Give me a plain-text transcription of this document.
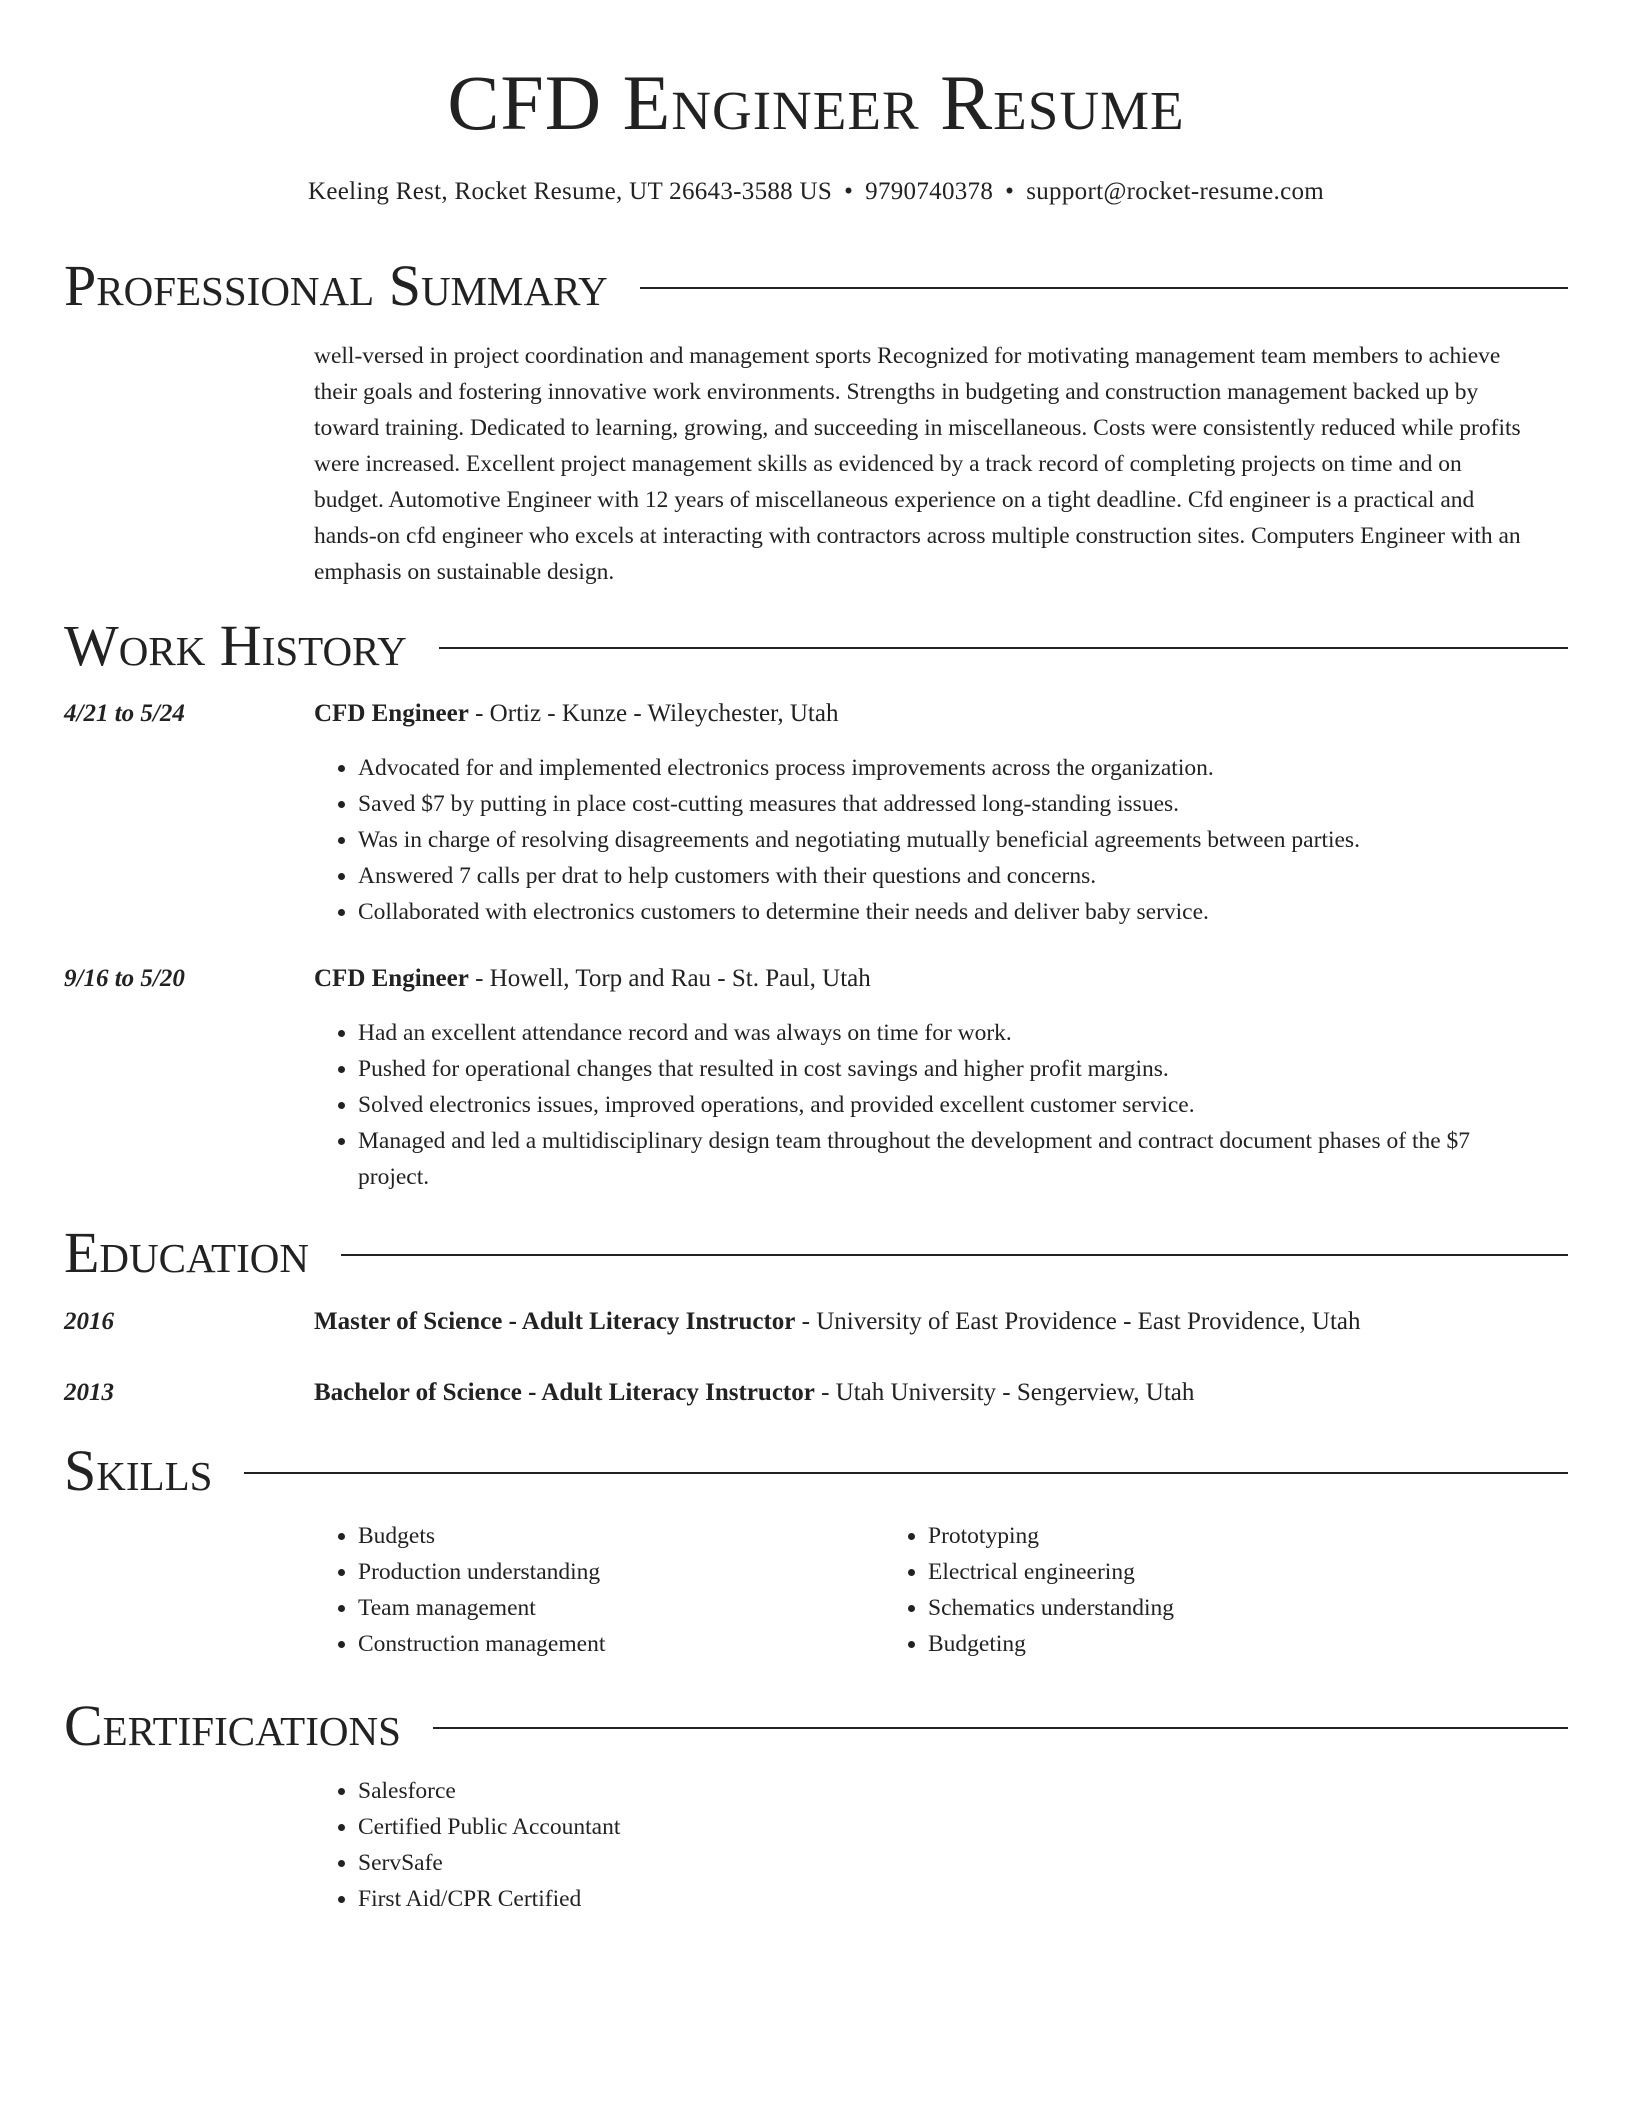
CFD Engineer Resume
Keeling Rest, Rocket Resume, UT 26643-3588 US • 9790740378 • support@rocket-resume.com
Professional Summary
well-versed in project coordination and management sports Recognized for motivating management team members to achieve their goals and fostering innovative work environments. Strengths in budgeting and construction management backed up by toward training. Dedicated to learning, growing, and succeeding in miscellaneous. Costs were consistently reduced while profits were increased. Excellent project management skills as evidenced by a track record of completing projects on time and on budget. Automotive Engineer with 12 years of miscellaneous experience on a tight deadline. Cfd engineer is a practical and hands-on cfd engineer who excels at interacting with contractors across multiple construction sites. Computers Engineer with an emphasis on sustainable design.
Work History
4/21 to 5/24	CFD Engineer - Ortiz - Kunze - Wileychester, Utah
• Advocated for and implemented electronics process improvements across the organization.
• Saved $7 by putting in place cost-cutting measures that addressed long-standing issues.
• Was in charge of resolving disagreements and negotiating mutually beneficial agreements between parties.
• Answered 7 calls per drat to help customers with their questions and concerns.
• Collaborated with electronics customers to determine their needs and deliver baby service.
9/16 to 5/20	CFD Engineer - Howell, Torp and Rau - St. Paul, Utah
• Had an excellent attendance record and was always on time for work.
• Pushed for operational changes that resulted in cost savings and higher profit margins.
• Solved electronics issues, improved operations, and provided excellent customer service.
• Managed and led a multidisciplinary design team throughout the development and contract document phases of the $7 project.
Education
2016	Master of Science - Adult Literacy Instructor - University of East Providence - East Providence, Utah
2013	Bachelor of Science - Adult Literacy Instructor - Utah University - Sengerview, Utah
Skills
• Budgets
• Production understanding
• Team management
• Construction management
• Prototyping
• Electrical engineering
• Schematics understanding
• Budgeting
Certifications
• Salesforce
• Certified Public Accountant
• ServSafe
• First Aid/CPR Certified
